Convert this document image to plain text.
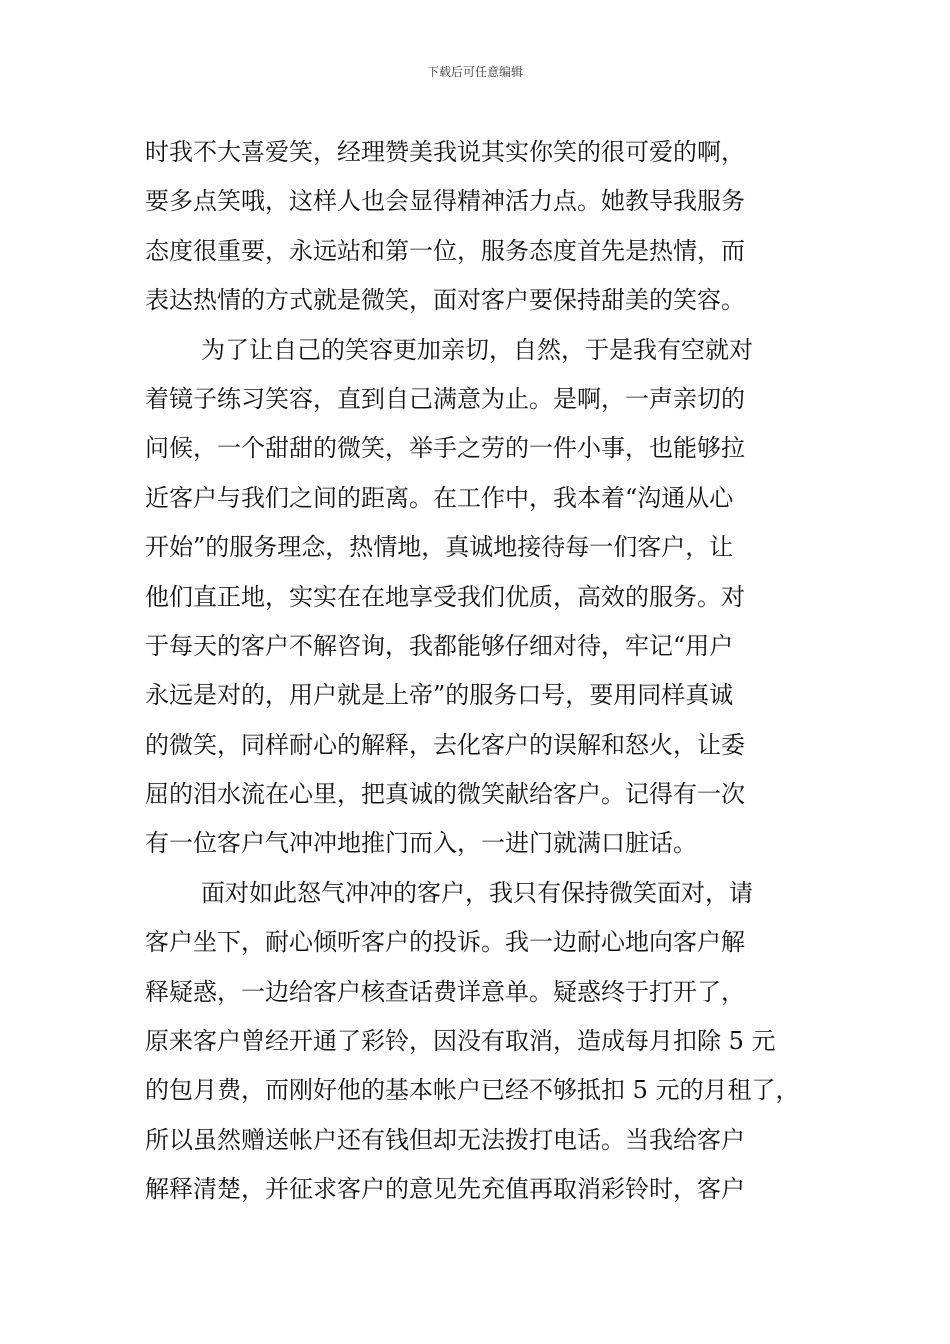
下载后可任意编辑
时我不大喜爱笑，经理赞美我说其实你笑的很可爱的啊，
要多点笑哦，这样人也会显得精神活力点。她教导我服务
态度很重要，永远站和第一位，服务态度首先是热情，而
表达热情的方式就是微笑，面对客户要保持甜美的笑容。
为了让自己的笑容更加亲切，自然，于是我有空就对
着镜子练习笑容，直到自己满意为止。是啊，一声亲切的
问候，一个甜甜的微笑，举手之劳的一件小事，也能够拉
近客户与我们之间的距离。在工作中，我本着“沟通从心
开始”的服务理念，热情地，真诚地接待每一们客户，让
他们直正地，实实在在地享受我们优质，高效的服务。对
于每天的客户不解咨询，我都能够仔细对待，牢记“用户
永远是对的，用户就是上帝”的服务口号，要用同样真诚
的微笑，同样耐心的解释，去化客户的误解和怒火，让委
屈的泪水流在心里，把真诚的微笑献给客户。记得有一次
有一位客户气冲冲地推门而入，一进门就满口脏话。
面对如此怒气冲冲的客户，我只有保持微笑面对，请
客户坐下，耐心倾听客户的投诉。我一边耐心地向客户解
释疑惑，一边给客户核查话费详意单。疑惑终于打开了，
原来客户曾经开通了彩铃，因没有取消，造成每月扣除 5 元
的包月费，而刚好他的基本帐户已经不够抵扣 5 元的月租了，
所以虽然赠送帐户还有钱但却无法拨打电话。当我给客户
解释清楚，并征求客户的意见先充值再取消彩铃时，客户
